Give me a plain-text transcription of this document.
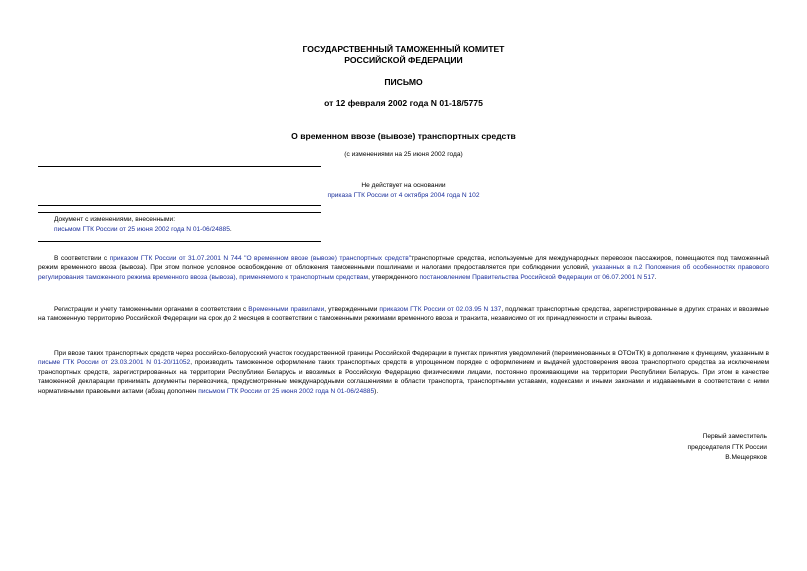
ГОСУДАРСТВЕННЫЙ ТАМОЖЕННЫЙ КОМИТЕТ
РОССИЙСКОЙ ФЕДЕРАЦИИ
ПИСЬМО
от 12 февраля 2002 года N 01-18/5775
О временном ввозе (вывозе) транспортных средств
(с изменениями на 25 июня 2002 года)
Не действует на основании
приказа ГТК России от 4 октября 2004 года N 102
Документ с изменениями, внесенными:
письмом ГТК России от 25 июня 2002 года N 01-06/24885.
В соответствии с приказом ГТК России от 31.07.2001 N 744 "О временном ввозе (вывозе) транспортных средств"транспортные средства, используемые для международных перевозок пассажиров, помещаются под таможенный режим временного ввоза (вывоза). При этом полное условное освобождение от обложения таможенными пошлинами и налогами предоставляется при соблюдении условий, указанных в п.2 Положения об особенностях правового регулирования таможенного режима временного ввоза (вывоза), применяемого к транспортным средствам, утвержденного постановлением Правительства Российской Федерации от 06.07.2001 N 517.
Регистрации и учету таможенными органами в соответствии с Временными правилами, утвержденными приказом ГТК России от 02.03.95 N 137, подлежат транспортные средства, зарегистрированные в других странах и ввозимые на таможенную территорию Российской Федерации на срок до 2 месяцев в соответствии с таможенными режимами временного ввоза и транзита, независимо от их принадлежности и страны вывоза.
При ввозе таких транспортных средств через российско-белорусский участок государственной границы Российской Федерации в пунктах принятия уведомлений (переименованных в ОТОиТК) в дополнение к функциям, указанным в письме ГТК России от 23.03.2001 N 01-20/11052, производить таможенное оформление таких транспортных средств в упрощенном порядке с оформлением и выдачей удостоверения ввоза транспортного средства за исключением транспортных средств, зарегистрированных на территории Республики Беларусь и ввозимых в Российскую Федерацию физическими лицами, постоянно проживающими на территории Республики Беларусь. При этом в качестве таможенной декларации принимать документы перевозчика, предусмотренные международными соглашениями в области транспорта, транспортными уставами, кодексами и иными законами и издаваемыми в соответствии с ними нормативными правовыми актами (абзац дополнен письмом ГТК России от 25 июня 2002 года N 01-06/24885).
Первый заместитель
председателя ГТК России
В.Мещеряков
